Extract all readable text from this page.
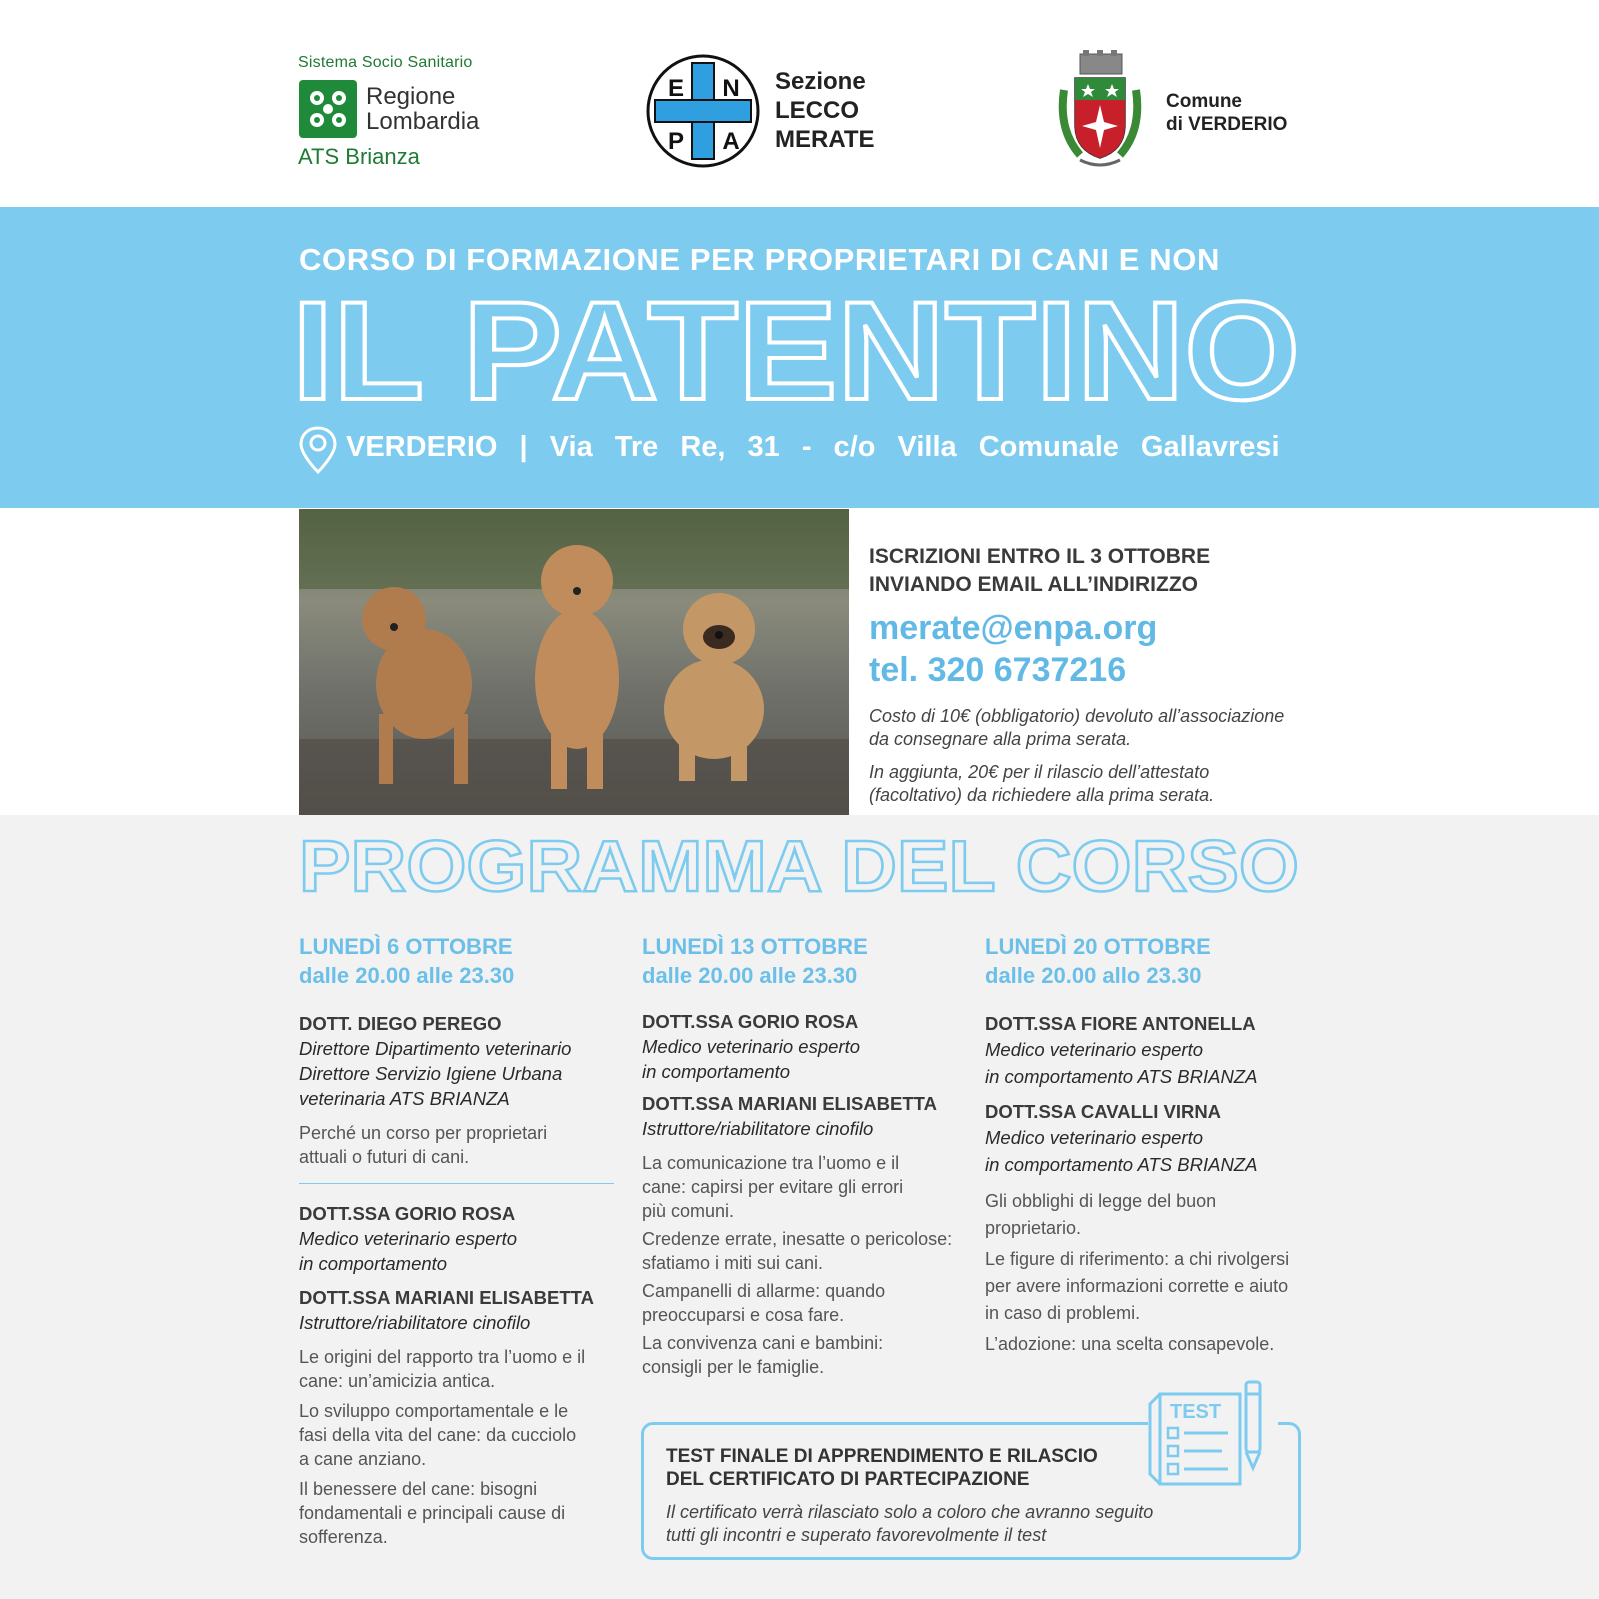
Sistema Socio Sanitario
Regione
Lombardia
ATS Brianza
E N
P A
Sezione
LECCO
MERATE
Comune
di VERDERIO
CORSO DI FORMAZIONE PER PROPRIETARI DI CANI E NON
IL PATENTINO
VERDERIO | Via Tre Re, 31 - c/o Villa Comunale Gallavresi
ISCRIZIONI ENTRO IL 3 OTTOBRE
INVIANDO EMAIL ALL’INDIRIZZO
merate@enpa.org
tel. 320 6737216
Costo di 10€ (obbligatorio) devoluto all’associazione
da consegnare alla prima serata.
In aggiunta, 20€ per il rilascio dell’attestato
(facoltativo) da richiedere alla prima serata.
PROGRAMMA DEL CORSO
LUNEDÌ 6 OTTOBRE
dalle 20.00 alle 23.30
DOTT. DIEGO PEREGO
Direttore Dipartimento veterinario
Direttore Servizio Igiene Urbana
veterinaria ATS BRIANZA
Perché un corso per proprietari attuali o futuri di cani.
DOTT.SSA GORIO ROSA
Medico veterinario esperto
in comportamento
DOTT.SSA MARIANI ELISABETTA
Istruttore/riabilitatore cinofilo
Le origini del rapporto tra l’uomo e il cane: un’amicizia antica.
Lo sviluppo comportamentale e le fasi della vita del cane: da cucciolo a cane anziano.
Il benessere del cane: bisogni fondamentali e principali cause di sofferenza.
LUNEDÌ 13 OTTOBRE
dalle 20.00 alle 23.30
DOTT.SSA GORIO ROSA
Medico veterinario esperto
in comportamento
DOTT.SSA MARIANI ELISABETTA
Istruttore/riabilitatore cinofilo
La comunicazione tra l’uomo e il cane: capirsi per evitare gli errori più comuni.
Credenze errate, inesatte o pericolose: sfatiamo i miti sui cani.
Campanelli di allarme: quando preoccuparsi e cosa fare.
La convivenza cani e bambini: consigli per le famiglie.
LUNEDÌ 20 OTTOBRE
dalle 20.00 allo 23.30
DOTT.SSA FIORE ANTONELLA
Medico veterinario esperto
in comportamento ATS BRIANZA
DOTT.SSA CAVALLI VIRNA
Medico veterinario esperto
in comportamento ATS BRIANZA
Gli obblighi di legge del buon proprietario.
Le figure di riferimento: a chi rivolgersi per avere informazioni corrette e aiuto in caso di problemi.
L’adozione: una scelta consapevole.
TEST FINALE DI APPRENDIMENTO E RILASCIO
DEL CERTIFICATO DI PARTECIPAZIONE
Il certificato verrà rilasciato solo a coloro che avranno seguito
tutti gli incontri e superato favorevolmente il test
TEST
